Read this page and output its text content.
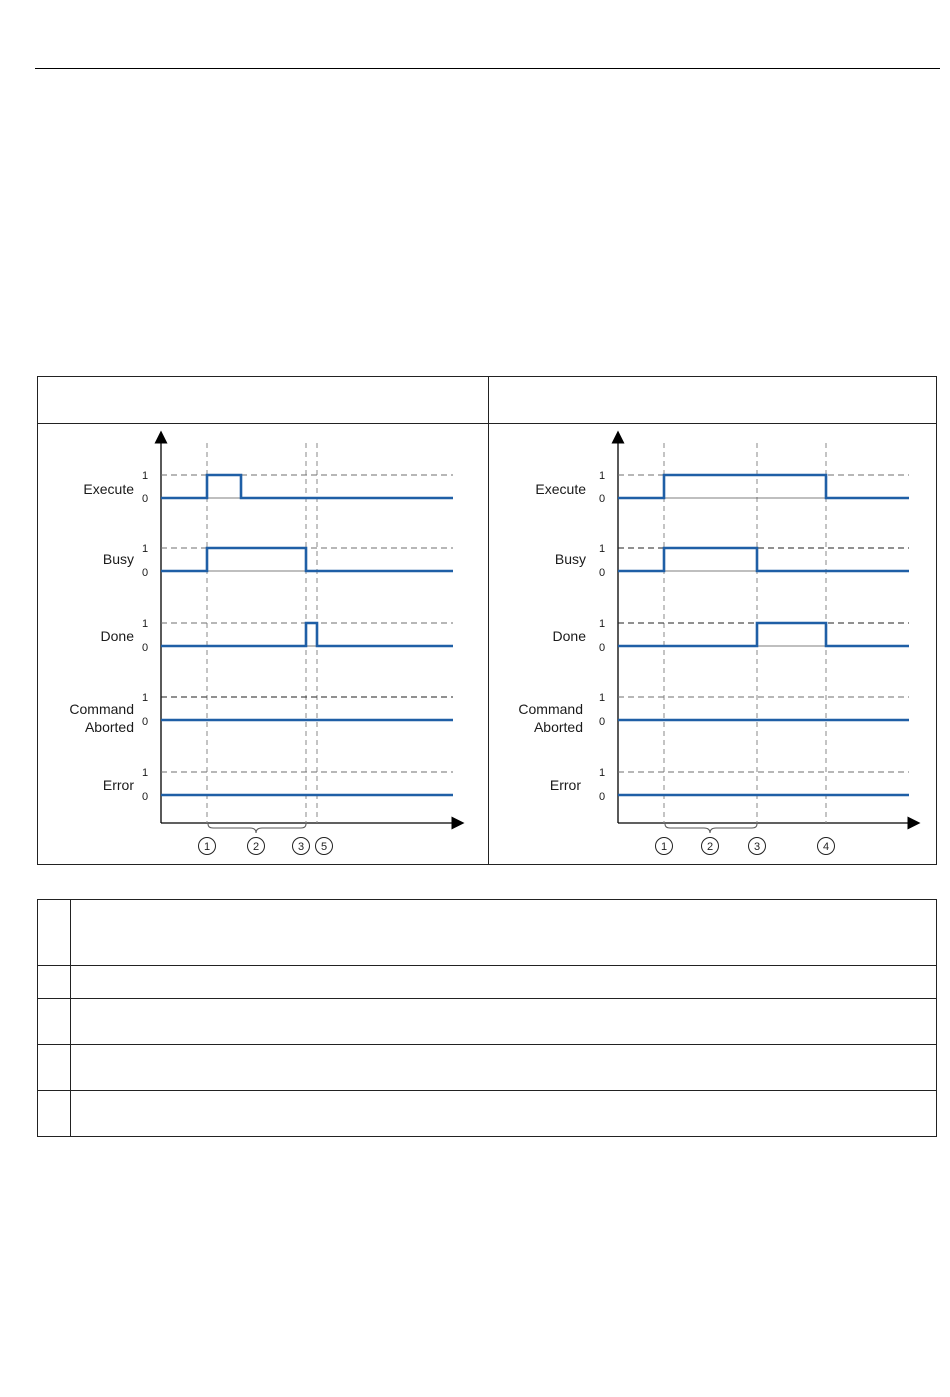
Execute
Busy
Done
Command
Aborted
Error
1
0
1
0
1
0
1
0
1
0
1	2	3 5
Execute
Busy
Done
Command
Aborted
Error
1
0
1
0
1
0
1
0
1
0
1	2	3	4
